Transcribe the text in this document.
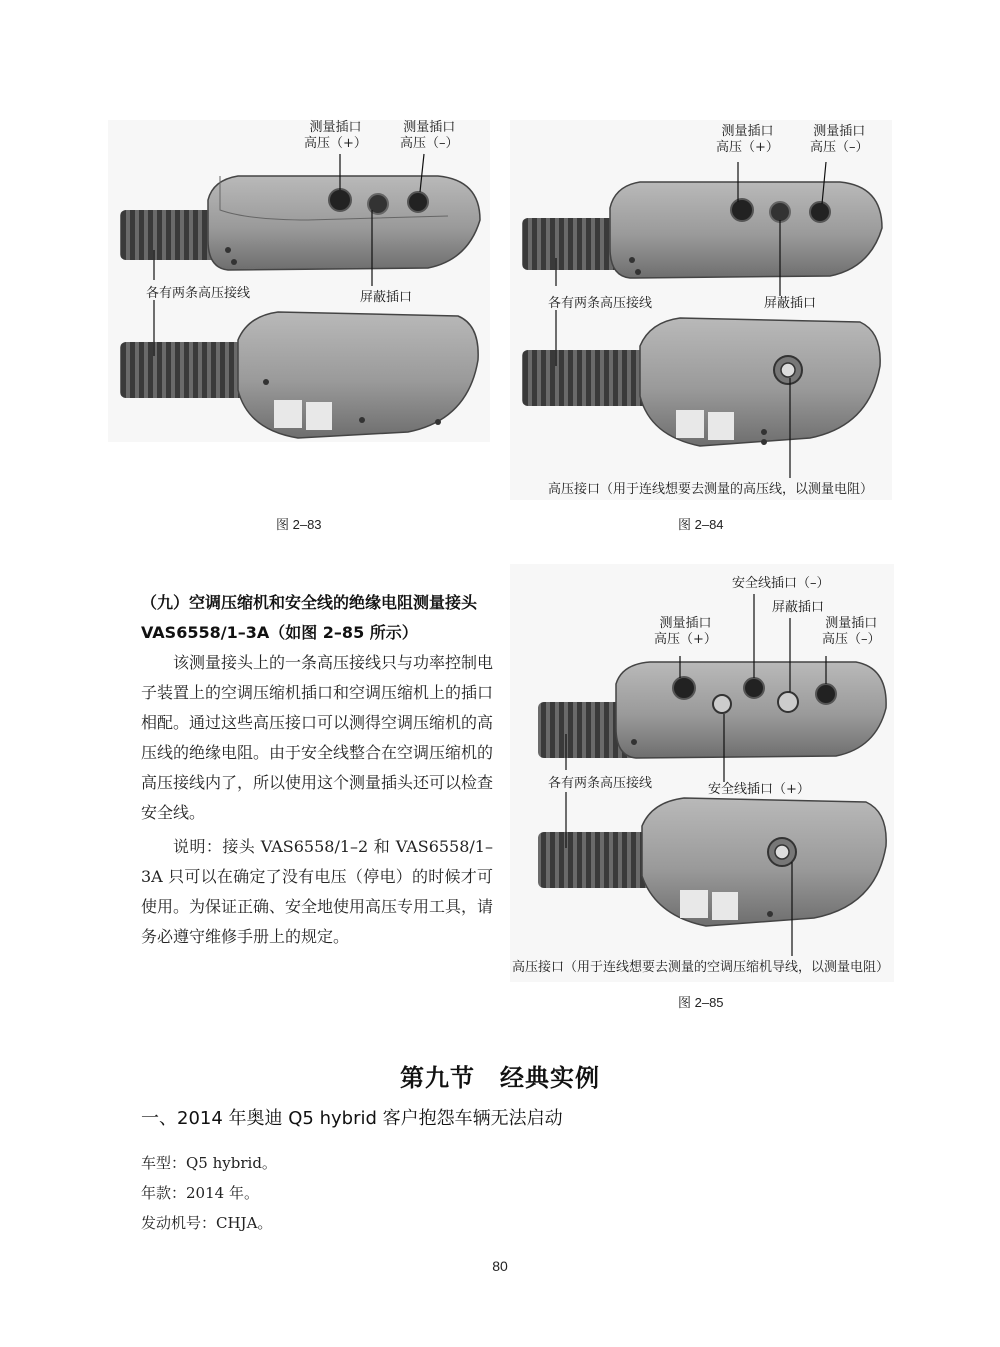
测量插口
高压（+）
测量插口
高压（–）
各有两条高压接线	屏蔽插口
图 2–83
测量插口
高压（+）
测量插口
高压（–）
各有两条高压接线	屏蔽插口
高压接口（用于连线想要去测量的高压线，以测量电阻）
图 2–84
安全线插口（–）
屏蔽插口
测量插口
高压（+）
测量插口
高压（–）
各有两条高压接线	安全线插口（+）
高压接口（用于连线想要去测量的空调压缩机导线，以测量电阻）
图 2–85
（九）空调压缩机和安全线的绝缘电阻测量接头 VAS6558/1–3A（如图 2–85 所示）

该测量接头上的一条高压接线只与功率控制电子装置上的空调压缩机插口和空调压缩机上的插口相配。通过这些高压接口可以测得空调压缩机的高压线的绝缘电阻。由于安全线整合在空调压缩机的高压接线内了，所以使用这个测量插头还可以检查安全线。

说明：接头 VAS6558/1–2 和 VAS6558/1–3A 只可以在确定了没有电压（停电）的时候才可使用。为保证正确、安全地使用高压专用工具，请务必遵守维修手册上的规定。

第九节　经典实例
一、2014 年奥迪 Q5 hybrid 客户抱怨车辆无法启动
车型：Q5 hybrid。
年款：2014 年。
发动机号：CHJA。
80
